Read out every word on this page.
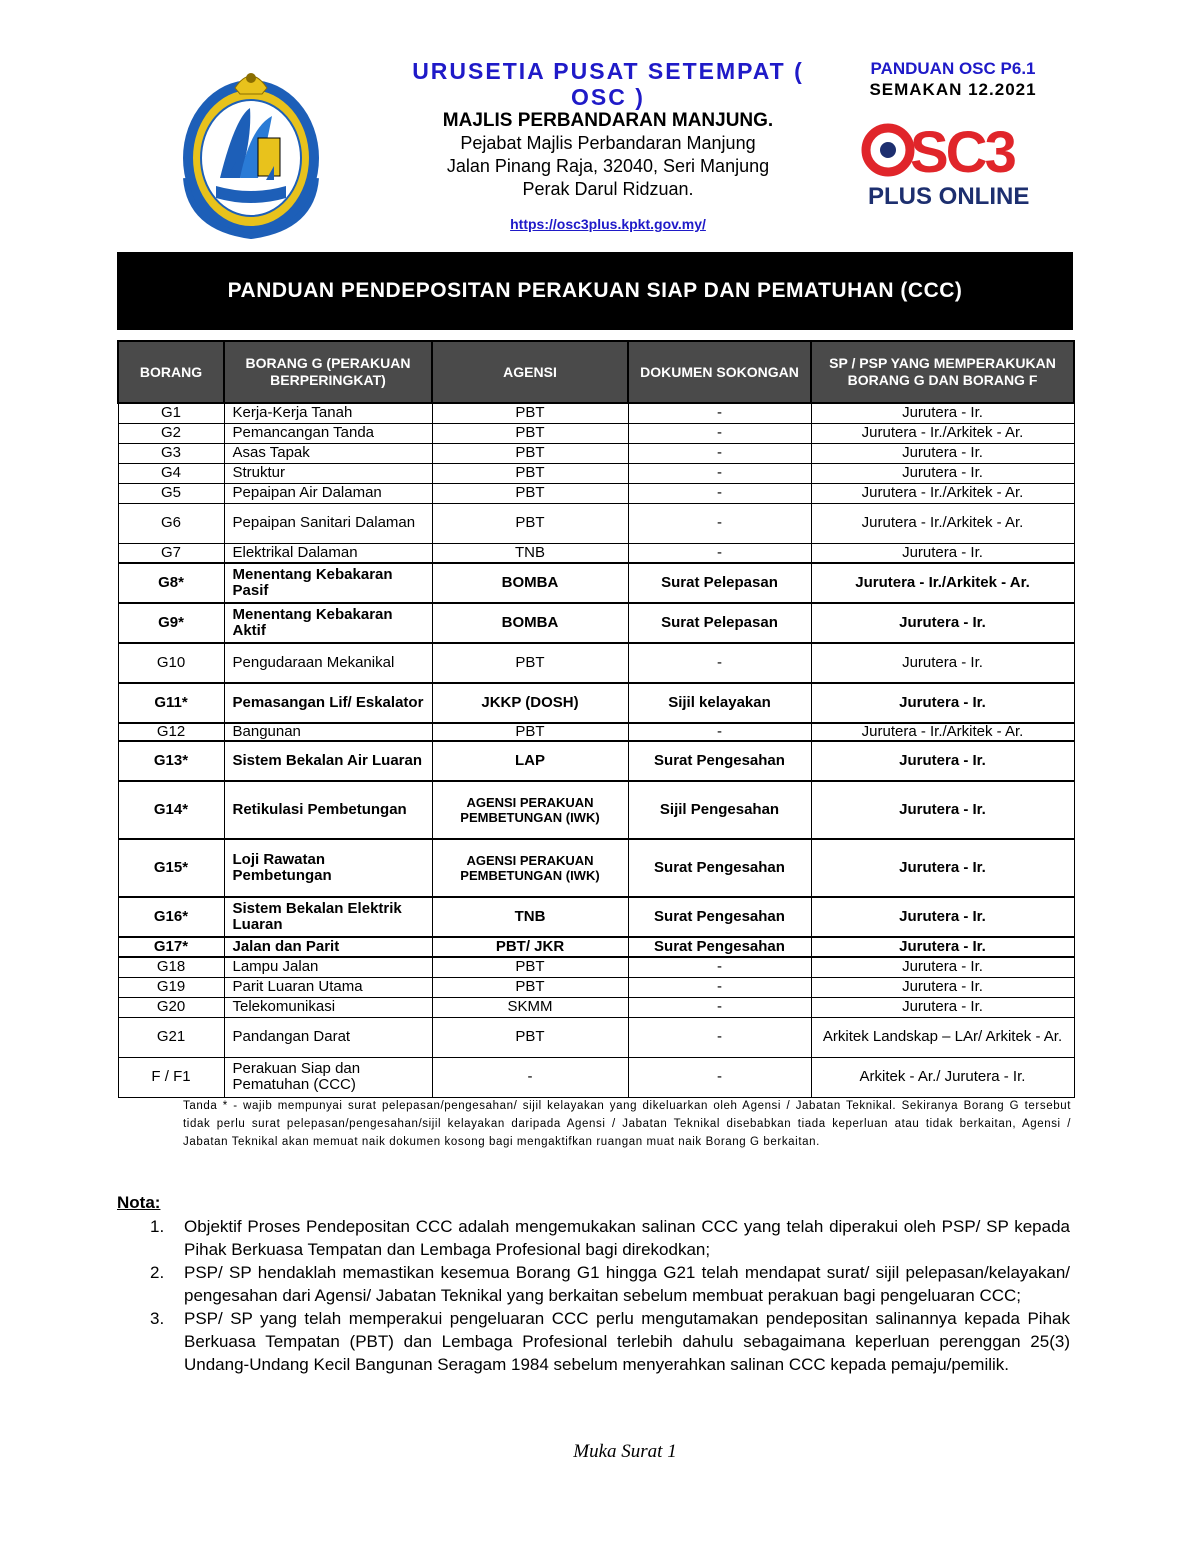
URUSETIA PUSAT SETEMPAT ( OSC )
MAJLIS PERBANDARAN MANJUNG.
Pejabat Majlis Perbandaran Manjung
Jalan Pinang Raja, 32040, Seri Manjung
Perak Darul Ridzuan.
https://osc3plus.kpkt.gov.my/
PANDUAN OSC P6.1
SEMAKAN 12.2021
SC3
PLUS ONLINE
PANDUAN PENDEPOSITAN PERAKUAN SIAP DAN PEMATUHAN (CCC)
BORANG	BORANG G (PERAKUAN BERPERINGKAT)	AGENSI	DOKUMEN SOKONGAN	SP / PSP YANG MEMPERAKUKAN BORANG G DAN BORANG F
G1	Kerja-Kerja Tanah	PBT	-	Jurutera - Ir.
G2	Pemancangan Tanda	PBT	-	Jurutera - Ir./Arkitek - Ar.
G3	Asas Tapak	PBT	-	Jurutera - Ir.
G4	Struktur	PBT	-	Jurutera - Ir.
G5	Pepaipan Air Dalaman	PBT	-	Jurutera - Ir./Arkitek - Ar.
G6	Pepaipan Sanitari Dalaman	PBT	-	Jurutera - Ir./Arkitek - Ar.
G7	Elektrikal Dalaman	TNB	-	Jurutera - Ir.
G8*	Menentang Kebakaran Pasif	BOMBA	Surat Pelepasan	Jurutera - Ir./Arkitek - Ar.
G9*	Menentang Kebakaran Aktif	BOMBA	Surat Pelepasan	Jurutera - Ir.
G10	Pengudaraan Mekanikal	PBT	-	Jurutera - Ir.
G11*	Pemasangan Lif/ Eskalator	JKKP (DOSH)	Sijil kelayakan	Jurutera - Ir.
G12	Bangunan	PBT	-	Jurutera - Ir./Arkitek - Ar.
G13*	Sistem Bekalan Air Luaran	LAP	Surat Pengesahan	Jurutera - Ir.
G14*	Retikulasi Pembetungan	AGENSI PERAKUAN PEMBETUNGAN (IWK)	Sijil Pengesahan	Jurutera - Ir.
G15*	Loji Rawatan Pembetungan	AGENSI PERAKUAN PEMBETUNGAN (IWK)	Surat Pengesahan	Jurutera - Ir.
G16*	Sistem Bekalan Elektrik Luaran	TNB	Surat Pengesahan	Jurutera - Ir.
G17*	Jalan dan Parit	PBT/ JKR	Surat Pengesahan	Jurutera - Ir.
G18	Lampu Jalan	PBT	-	Jurutera - Ir.
G19	Parit Luaran Utama	PBT	-	Jurutera - Ir.
G20	Telekomunikasi	SKMM	-	Jurutera - Ir.
G21	Pandangan Darat	PBT	-	Arkitek Landskap – LAr/ Arkitek - Ar.
F / F1	Perakuan Siap dan Pematuhan (CCC)	-	-	Arkitek - Ar./ Jurutera - Ir.
Tanda * - wajib mempunyai surat pelepasan/pengesahan/ sijil kelayakan yang dikeluarkan oleh Agensi / Jabatan Teknikal. Sekiranya Borang G tersebut tidak perlu surat pelepasan/pengesahan/sijil kelayakan daripada Agensi / Jabatan Teknikal disebabkan tiada keperluan atau tidak berkaitan, Agensi / Jabatan Teknikal akan memuat naik dokumen kosong bagi mengaktifkan ruangan muat naik Borang G berkaitan.
Nota:
1. Objektif Proses Pendepositan CCC adalah mengemukakan salinan CCC yang telah diperakui oleh PSP/ SP kepada Pihak Berkuasa Tempatan dan Lembaga Profesional bagi direkodkan;
2. PSP/ SP hendaklah memastikan kesemua Borang G1 hingga G21 telah mendapat surat/ sijil pelepasan/kelayakan/ pengesahan dari Agensi/ Jabatan Teknikal yang berkaitan sebelum membuat perakuan bagi pengeluaran CCC;
3. PSP/ SP yang telah memperakui pengeluaran CCC perlu mengutamakan pendepositan salinannya kepada Pihak Berkuasa Tempatan (PBT) dan Lembaga Profesional terlebih dahulu sebagaimana keperluan perenggan 25(3) Undang-Undang Kecil Bangunan Seragam 1984 sebelum menyerahkan salinan CCC kepada pemaju/pemilik.
Muka Surat 1
